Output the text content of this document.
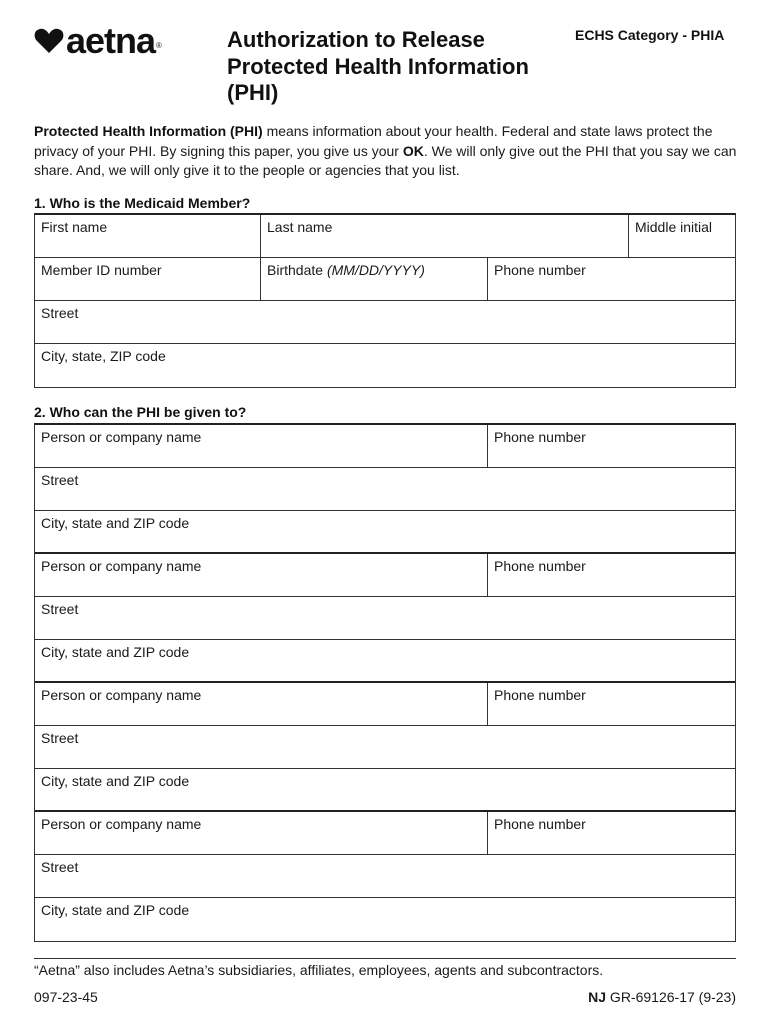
aetna ®	Authorization to Release
Protected Health Information
(PHI)
ECHS Category - PHIA
Protected Health Information (PHI) means information about your health. Federal and state laws protect the privacy of your PHI. By signing this paper, you give us your OK. We will only give out the PHI that you say we can share. And, we will only give it to the people or agencies that you list.
1. Who is the Medicaid Member?
First name	Last name	Middle initial
Member ID number	Birthdate (MM/DD/YYYY)	Phone number
Street
City, state, ZIP code
2. Who can the PHI be given to?
Person or company name	Phone number
Street
City, state and ZIP code
Person or company name	Phone number
Street
City, state and ZIP code
Person or company name	Phone number
Street
City, state and ZIP code
Person or company name	Phone number
Street
City, state and ZIP code
“Aetna” also includes Aetna’s subsidiaries, affiliates, employees, agents and subcontractors.
097-23-45	NJ GR-69126-17 (9-23)
